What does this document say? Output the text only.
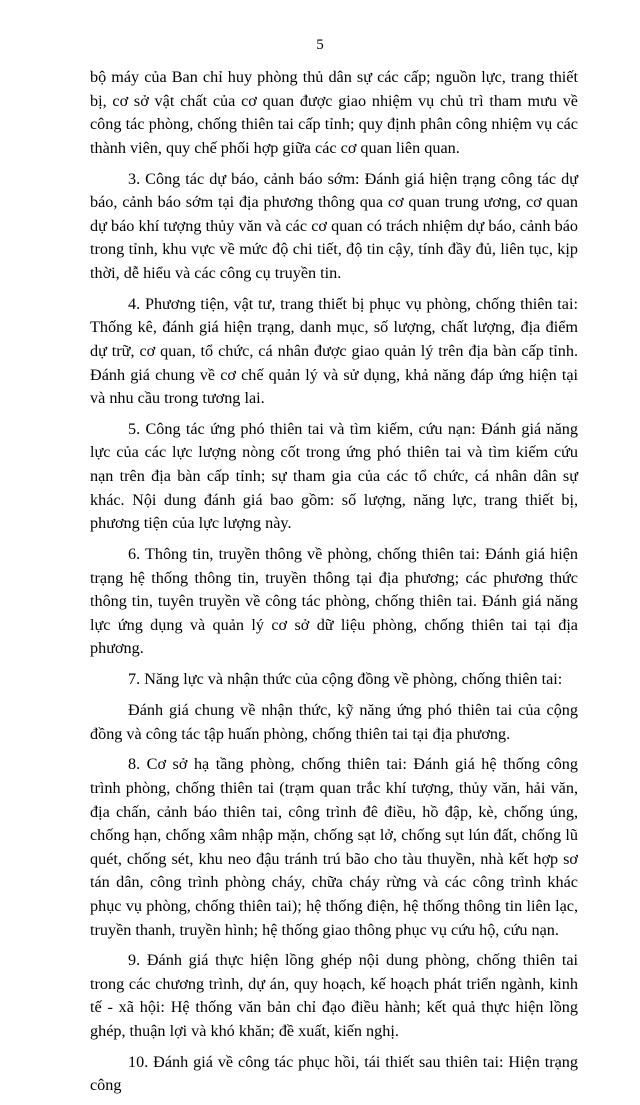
5

bộ máy của Ban chỉ huy phòng thủ dân sự các cấp; nguồn lực, trang thiết bị, cơ sở vật chất của cơ quan được giao nhiệm vụ chủ trì tham mưu về công tác phòng, chống thiên tai cấp tỉnh; quy định phân công nhiệm vụ các thành viên, quy chế phối hợp giữa các cơ quan liên quan.

3. Công tác dự báo, cảnh báo sớm: Đánh giá hiện trạng công tác dự báo, cảnh báo sớm tại địa phương thông qua cơ quan trung ương, cơ quan dự báo khí tượng thủy văn và các cơ quan có trách nhiệm dự báo, cảnh báo trong tỉnh, khu vực về mức độ chi tiết, độ tin cậy, tính đầy đủ, liên tục, kịp thời, dễ hiểu và các công cụ truyền tin.

4. Phương tiện, vật tư, trang thiết bị phục vụ phòng, chống thiên tai: Thống kê, đánh giá hiện trạng, danh mục, số lượng, chất lượng, địa điểm dự trữ, cơ quan, tổ chức, cá nhân được giao quản lý trên địa bàn cấp tỉnh. Đánh giá chung về cơ chế quản lý và sử dụng, khả năng đáp ứng hiện tại và nhu cầu trong tương lai.

5. Công tác ứng phó thiên tai và tìm kiếm, cứu nạn: Đánh giá năng lực của các lực lượng nòng cốt trong ứng phó thiên tai và tìm kiếm cứu nạn trên địa bàn cấp tỉnh; sự tham gia của các tổ chức, cá nhân dân sự khác. Nội dung đánh giá bao gồm: số lượng, năng lực, trang thiết bị, phương tiện của lực lượng này.

6. Thông tin, truyền thông về phòng, chống thiên tai: Đánh giá hiện trạng hệ thống thông tin, truyền thông tại địa phương; các phương thức thông tin, tuyên truyền về công tác phòng, chống thiên tai. Đánh giá năng lực ứng dụng và quản lý cơ sở dữ liệu phòng, chống thiên tai tại địa phương.

7. Năng lực và nhận thức của cộng đồng về phòng, chống thiên tai:

Đánh giá chung về nhận thức, kỹ năng ứng phó thiên tai của cộng đồng và công tác tập huấn phòng, chống thiên tai tại địa phương.

8. Cơ sở hạ tầng phòng, chống thiên tai: Đánh giá hệ thống công trình phòng, chống thiên tai (trạm quan trắc khí tượng, thủy văn, hải văn, địa chấn, cảnh báo thiên tai, công trình đê điều, hồ đập, kè, chống úng, chống hạn, chống xâm nhập mặn, chống sạt lở, chống sụt lún đất, chống lũ quét, chống sét, khu neo đậu tránh trú bão cho tàu thuyền, nhà kết hợp sơ tán dân, công trình phòng cháy, chữa cháy rừng và các công trình khác phục vụ phòng, chống thiên tai); hệ thống điện, hệ thống thông tin liên lạc, truyền thanh, truyền hình; hệ thống giao thông phục vụ cứu hộ, cứu nạn.

9. Đánh giá thực hiện lồng ghép nội dung phòng, chống thiên tai trong các chương trình, dự án, quy hoạch, kế hoạch phát triển ngành, kinh tế - xã hội: Hệ thống văn bản chỉ đạo điều hành; kết quả thực hiện lồng ghép, thuận lợi và khó khăn; đề xuất, kiến nghị.

10. Đánh giá về công tác phục hồi, tái thiết sau thiên tai: Hiện trạng công
